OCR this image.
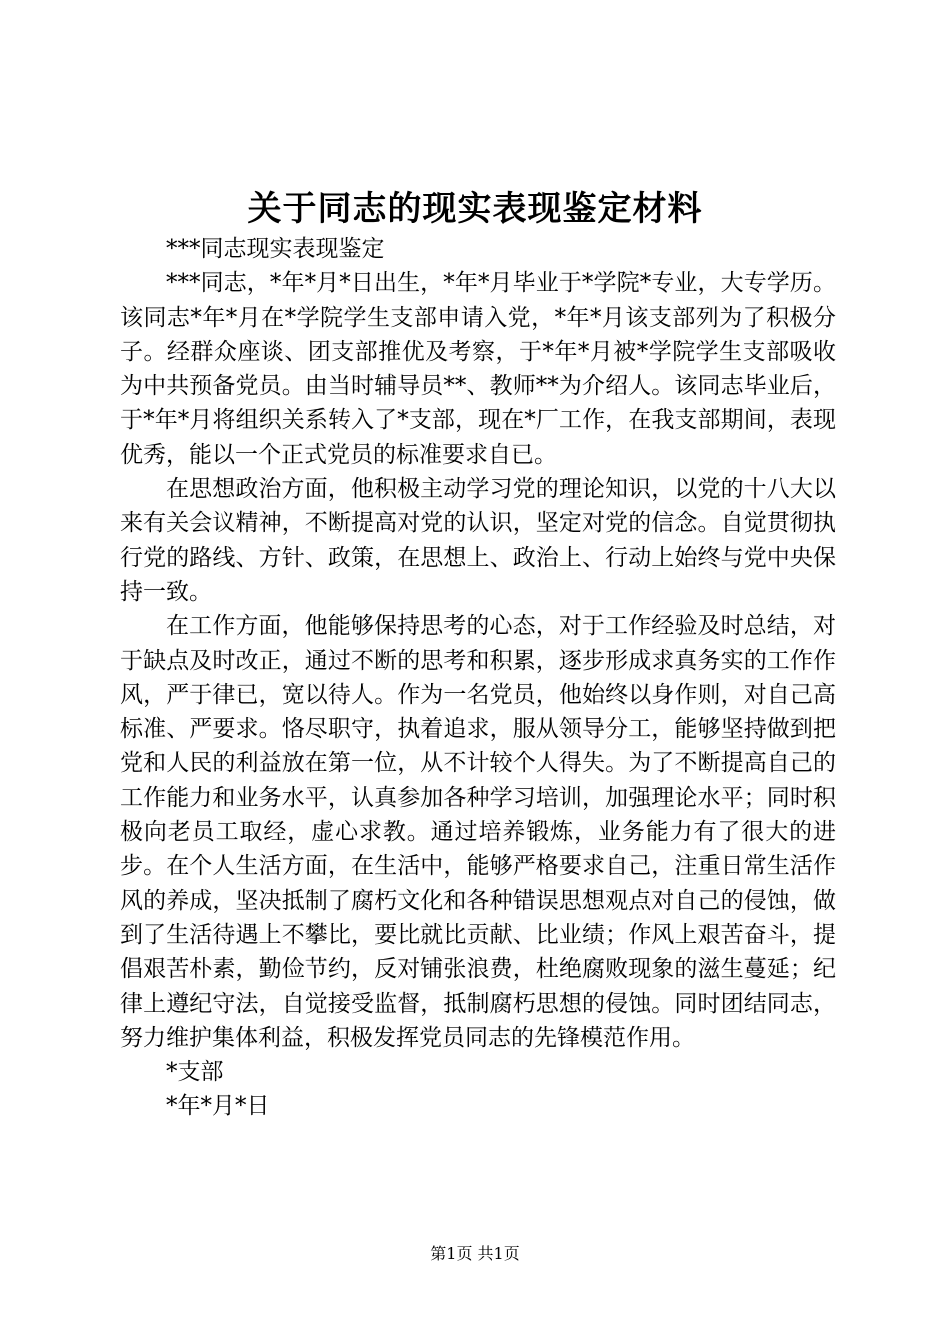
关于同志的现实表现鉴定材料

***同志现实表现鉴定

***同志，*年*月*日出生，*年*月毕业于*学院*专业，大专学历。该同志*年*月在*学院学生支部申请入党，*年*月该支部列为了积极分子。经群众座谈、团支部推优及考察，于*年*月被*学院学生支部吸收为中共预备党员。由当时辅导员**、教师**为介绍人。该同志毕业后，于*年*月将组织关系转入了*支部，现在*厂工作，在我支部期间，表现优秀，能以一个正式党员的标准要求自已。

在思想政治方面，他积极主动学习党的理论知识，以党的十八大以来有关会议精神，不断提高对党的认识，坚定对党的信念。自觉贯彻执行党的路线、方针、政策，在思想上、政治上、行动上始终与党中央保持一致。

在工作方面，他能够保持思考的心态，对于工作经验及时总结，对于缺点及时改正，通过不断的思考和积累，逐步形成求真务实的工作作风，严于律已，宽以待人。作为一名党员，他始终以身作则，对自己高标准、严要求。恪尽职守，执着追求，服从领导分工，能够坚持做到把党和人民的利益放在第一位，从不计较个人得失。为了不断提高自己的工作能力和业务水平，认真参加各种学习培训，加强理论水平；同时积极向老员工取经，虚心求教。通过培养锻炼，业务能力有了很大的进步。在个人生活方面，在生活中，能够严格要求自己，注重日常生活作风的养成，坚决抵制了腐朽文化和各种错误思想观点对自己的侵蚀，做到了生活待遇上不攀比，要比就比贡献、比业绩；作风上艰苦奋斗，提倡艰苦朴素，勤俭节约，反对铺张浪费，杜绝腐败现象的滋生蔓延；纪律上遵纪守法，自觉接受监督，抵制腐朽思想的侵蚀。同时团结同志，努力维护集体利益，积极发挥党员同志的先锋模范作用。

*支部

*年*月*日

第1页 共1页
